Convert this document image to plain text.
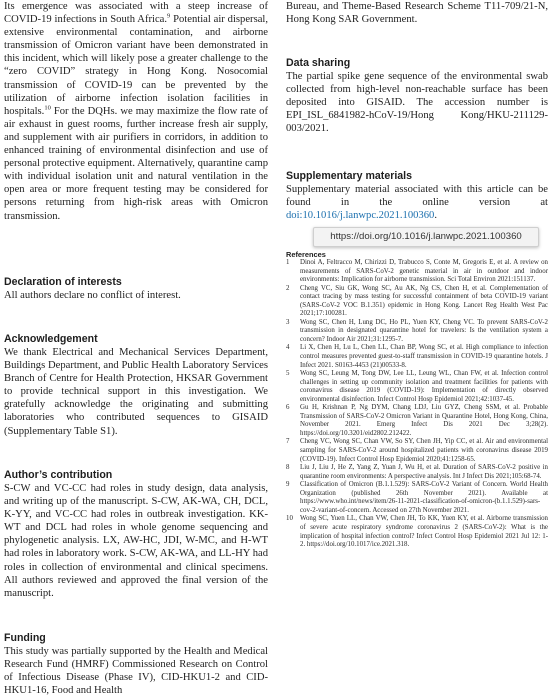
Its emergence was associated with a steep increase of COVID-19 infections in South Africa.$^9$ Potential air dispersal, extensive environmental contamination, and airborne transmission of Omicron variant have been demonstrated in this incident, which will likely pose a greater challenge to the “zero COVID” strategy in Hong Kong. Nosocomial transmission of COVID-19 can be prevented by the utilization of airborne infection isolation facilities in hospitals.$^{10}$ For the DQHs. we may maximize the flow rate of air exhaust in guest rooms, further increase fresh air supply, and supplement with air purifiers in corridors, in addition to enhanced training of environmental disinfection and use of personal protective equipment. Alternatively, quarantine camp with individual isolation unit and natural ventilation in the open area or more frequent testing may be considered for persons returning from high-risk areas with Omicron transmission.

Declaration of interests

All authors declare no conflict of interest.

Acknowledgement

We thank Electrical and Mechanical Services Department, Buildings Department, and Public Health Laboratory Services Branch of Centre for Health Protection, HKSAR Government to provide technical support in this investigation. We gratefully acknowledge the originating and submitting laboratories who contributed sequences to GISAID (Supplementary Table S1).

Author’s contribution

S-CW and VC-CC had roles in study design, data analysis, and writing up of the manuscript. S-CW, AK-WA, CH, DCL, K-YY, and VC-CC had roles in outbreak investigation. KK-WT and DCL had roles in whole genome sequencing and phylogenetic analysis. LX, AW-HC, JDI, W-MC, and H-WT had roles in laboratory work. S-CW, AK-WA, and LL-HY had roles in collection of environmental and clinical specimens. All authors reviewed and approved the final version of the manuscript.

Funding

This study was partially supported by the Health and Medical Research Fund (HMRF) Commissioned Research on Control of Infectious Disease (Phase IV), CID-HKU1-2 and CID-HKU1-16, Food and Health

Bureau, and Theme-Based Research Scheme T11-709/21-N, Hong Kong SAR Government.

Data sharing

The partial spike gene sequence of the environmental swab collected from high-level non-reachable surface has been deposited into GISAID. The accession number is EPI_ISL_6841982-hCoV-19/Hong Kong/HKU-211129-003/2021.

Supplementary materials

Supplementary material associated with this article can be found in the online version at doi:10.1016/j.lanwpc.2021.100360.

https://doi.org/10.1016/j.lanwpc.2021.100360
References
1	Dinoi A, Feltracco M, Chirizzi D, Trabucco S, Conte M, Gregoris E, et al. A review on measurements of SARS-CoV-2 genetic material in air in outdoor and indoor environments: Implication for airborne transmission. Sci Total Environ 2021:151137.
2	Cheng VC, Siu GK, Wong SC, Au AK, Ng CS, Chen H, et al. Complementation of contact tracing by mass testing for successful containment of beta COVID-19 variant (SARS-CoV-2 VOC B.1.351) epidemic in Hong Kong. Lancet Reg Health West Pac 2021;17:100281.
3	Wong SC, Chen H, Lung DC, Ho PL, Yuen KY, Cheng VC. To prevent SARS-CoV-2 transmission in designated quarantine hotel for travelers: Is the ventilation system a concern? Indoor Air 2021;31:1295-7.
4	Li X, Chen H, Lu L, Chen LL, Chan BP, Wong SC, et al. High compliance to infection control measures prevented guest-to-staff transmission in COVID-19 quarantine hotels. J Infect 2021. S0163-4453 (21)00533-8.
5	Wong SC, Leung M, Tong DW, Lee LL, Leung WL, Chan FW, et al. Infection control challenges in setting up community isolation and treatment facilities for patients with coronavirus disease 2019 (COVID-19): Implementation of directly observed environmental disinfection. Infect Control Hosp Epidemiol 2021;42:1037-45.
6	Gu H, Krishnan P, Ng DYM, Chang LDJ, Liu GYZ, Cheng SSM, et al. Probable Transmission of SARS-CoV-2 Omicron Variant in Quarantine Hotel, Hong Kong, China, November 2021. Emerg Infect Dis 2021 Dec 3;28(2). https://doi.org/10.3201/eid2802.212422.
7	Cheng VC, Wong SC, Chan VW, So SY, Chen JH, Yip CC, et al. Air and environmental sampling for SARS-CoV-2 around hospitalized patients with coronavirus disease 2019 (COVID-19). Infect Control Hosp Epidemiol 2020;41:1258-65.
8	Liu J, Liu J, He Z, Yang Z, Yuan J, Wu H, et al. Duration of SARS-CoV-2 positive in quarantine room environments: A perspective analysis. Int J Infect Dis 2021;105:68-74.
9	Classification of Omicron (B.1.1.529): SARS-CoV-2 Variant of Concern. World Health Organization (published 26th November 2021). Available at https://www.who.int/news/item/26-11-2021-classification-of-omicron-(b.1.1.529)-sars-cov-2-variant-of-concern. Accessed on 27th November 2021.
10	Wong SC, Yuen LL, Chan VW, Chen JH, To KK, Yuen KY, et al. Airborne transmission of severe acute respiratory syndrome coronavirus 2 (SARS-CoV-2): What is the implication of hospital infection control? Infect Control Hosp Epidemiol 2021 Jul 12: 1-2. https://doi.org/10.1017/ice.2021.318.
